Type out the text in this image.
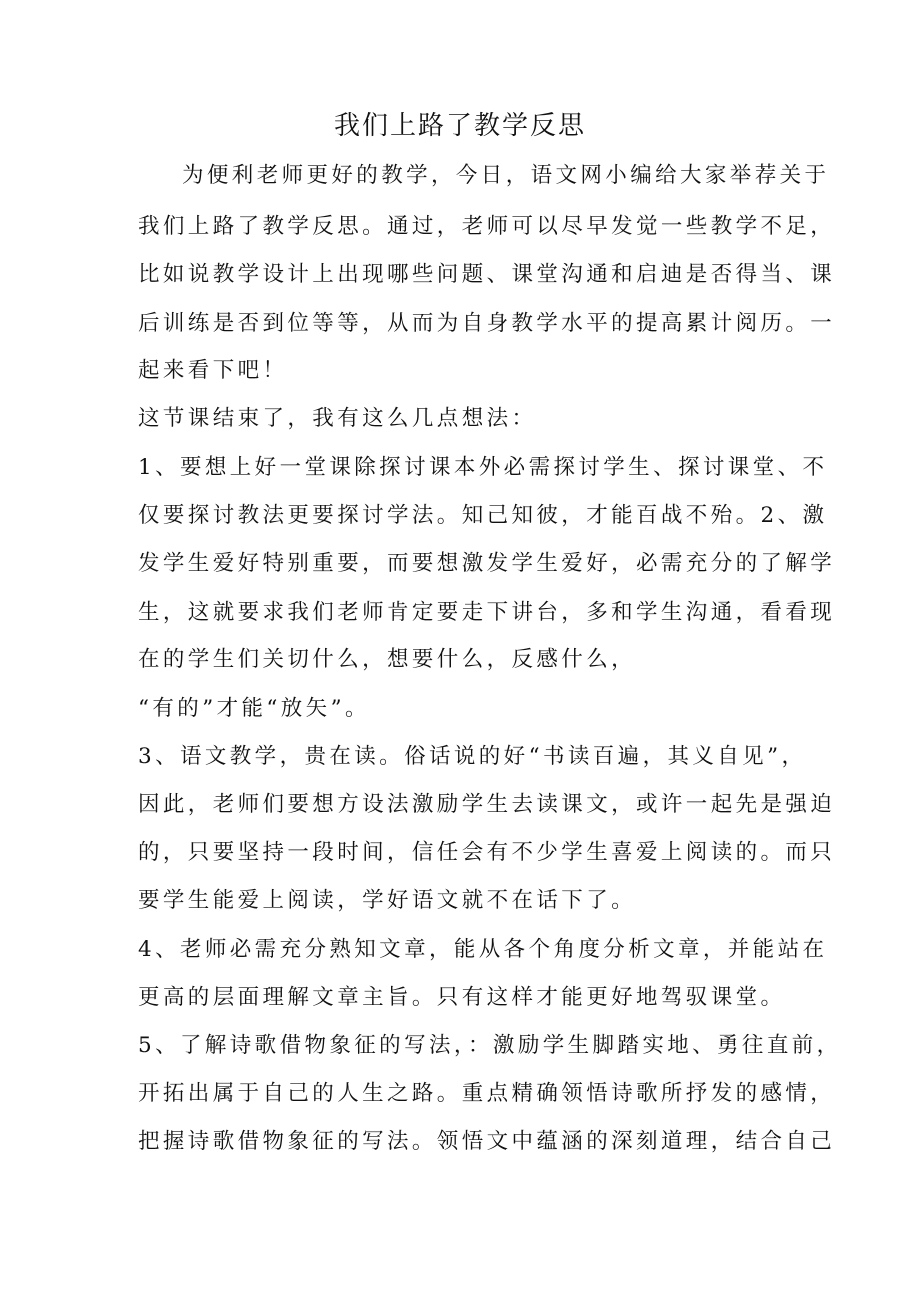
我们上路了教学反思

为便利老师更好的教学，今日，语文网小编给大家举荐关于

我们上路了教学反思。通过，老师可以尽早发觉一些教学不足，

比如说教学设计上出现哪些问题、课堂沟通和启迪是否得当、课

后训练是否到位等等，从而为自身教学水平的提高累计阅历。一

起来看下吧！

这节课结束了，我有这么几点想法：

1、要想上好一堂课除探讨课本外必需探讨学生、探讨课堂、不

仅要探讨教法更要探讨学法。知己知彼，才能百战不殆。2、激

发学生爱好特别重要，而要想激发学生爱好，必需充分的了解学

生，这就要求我们老师肯定要走下讲台，多和学生沟通，看看现

在的学生们关切什么，想要什么，反感什么，

“有的”才能“放矢”。

3、语文教学，贵在读。俗话说的好“书读百遍，其义自见”，

因此，老师们要想方设法激励学生去读课文，或许一起先是强迫

的，只要坚持一段时间，信任会有不少学生喜爱上阅读的。而只

要学生能爱上阅读，学好语文就不在话下了。

4、老师必需充分熟知文章，能从各个角度分析文章，并能站在

更高的层面理解文章主旨。只有这样才能更好地驾驭课堂。

5、了解诗歌借物象征的写法，：激励学生脚踏实地、勇往直前，

开拓出属于自己的人生之路。重点精确领悟诗歌所抒发的感情，

把握诗歌借物象征的写法。领悟文中蕴涵的深刻道理，结合自己
